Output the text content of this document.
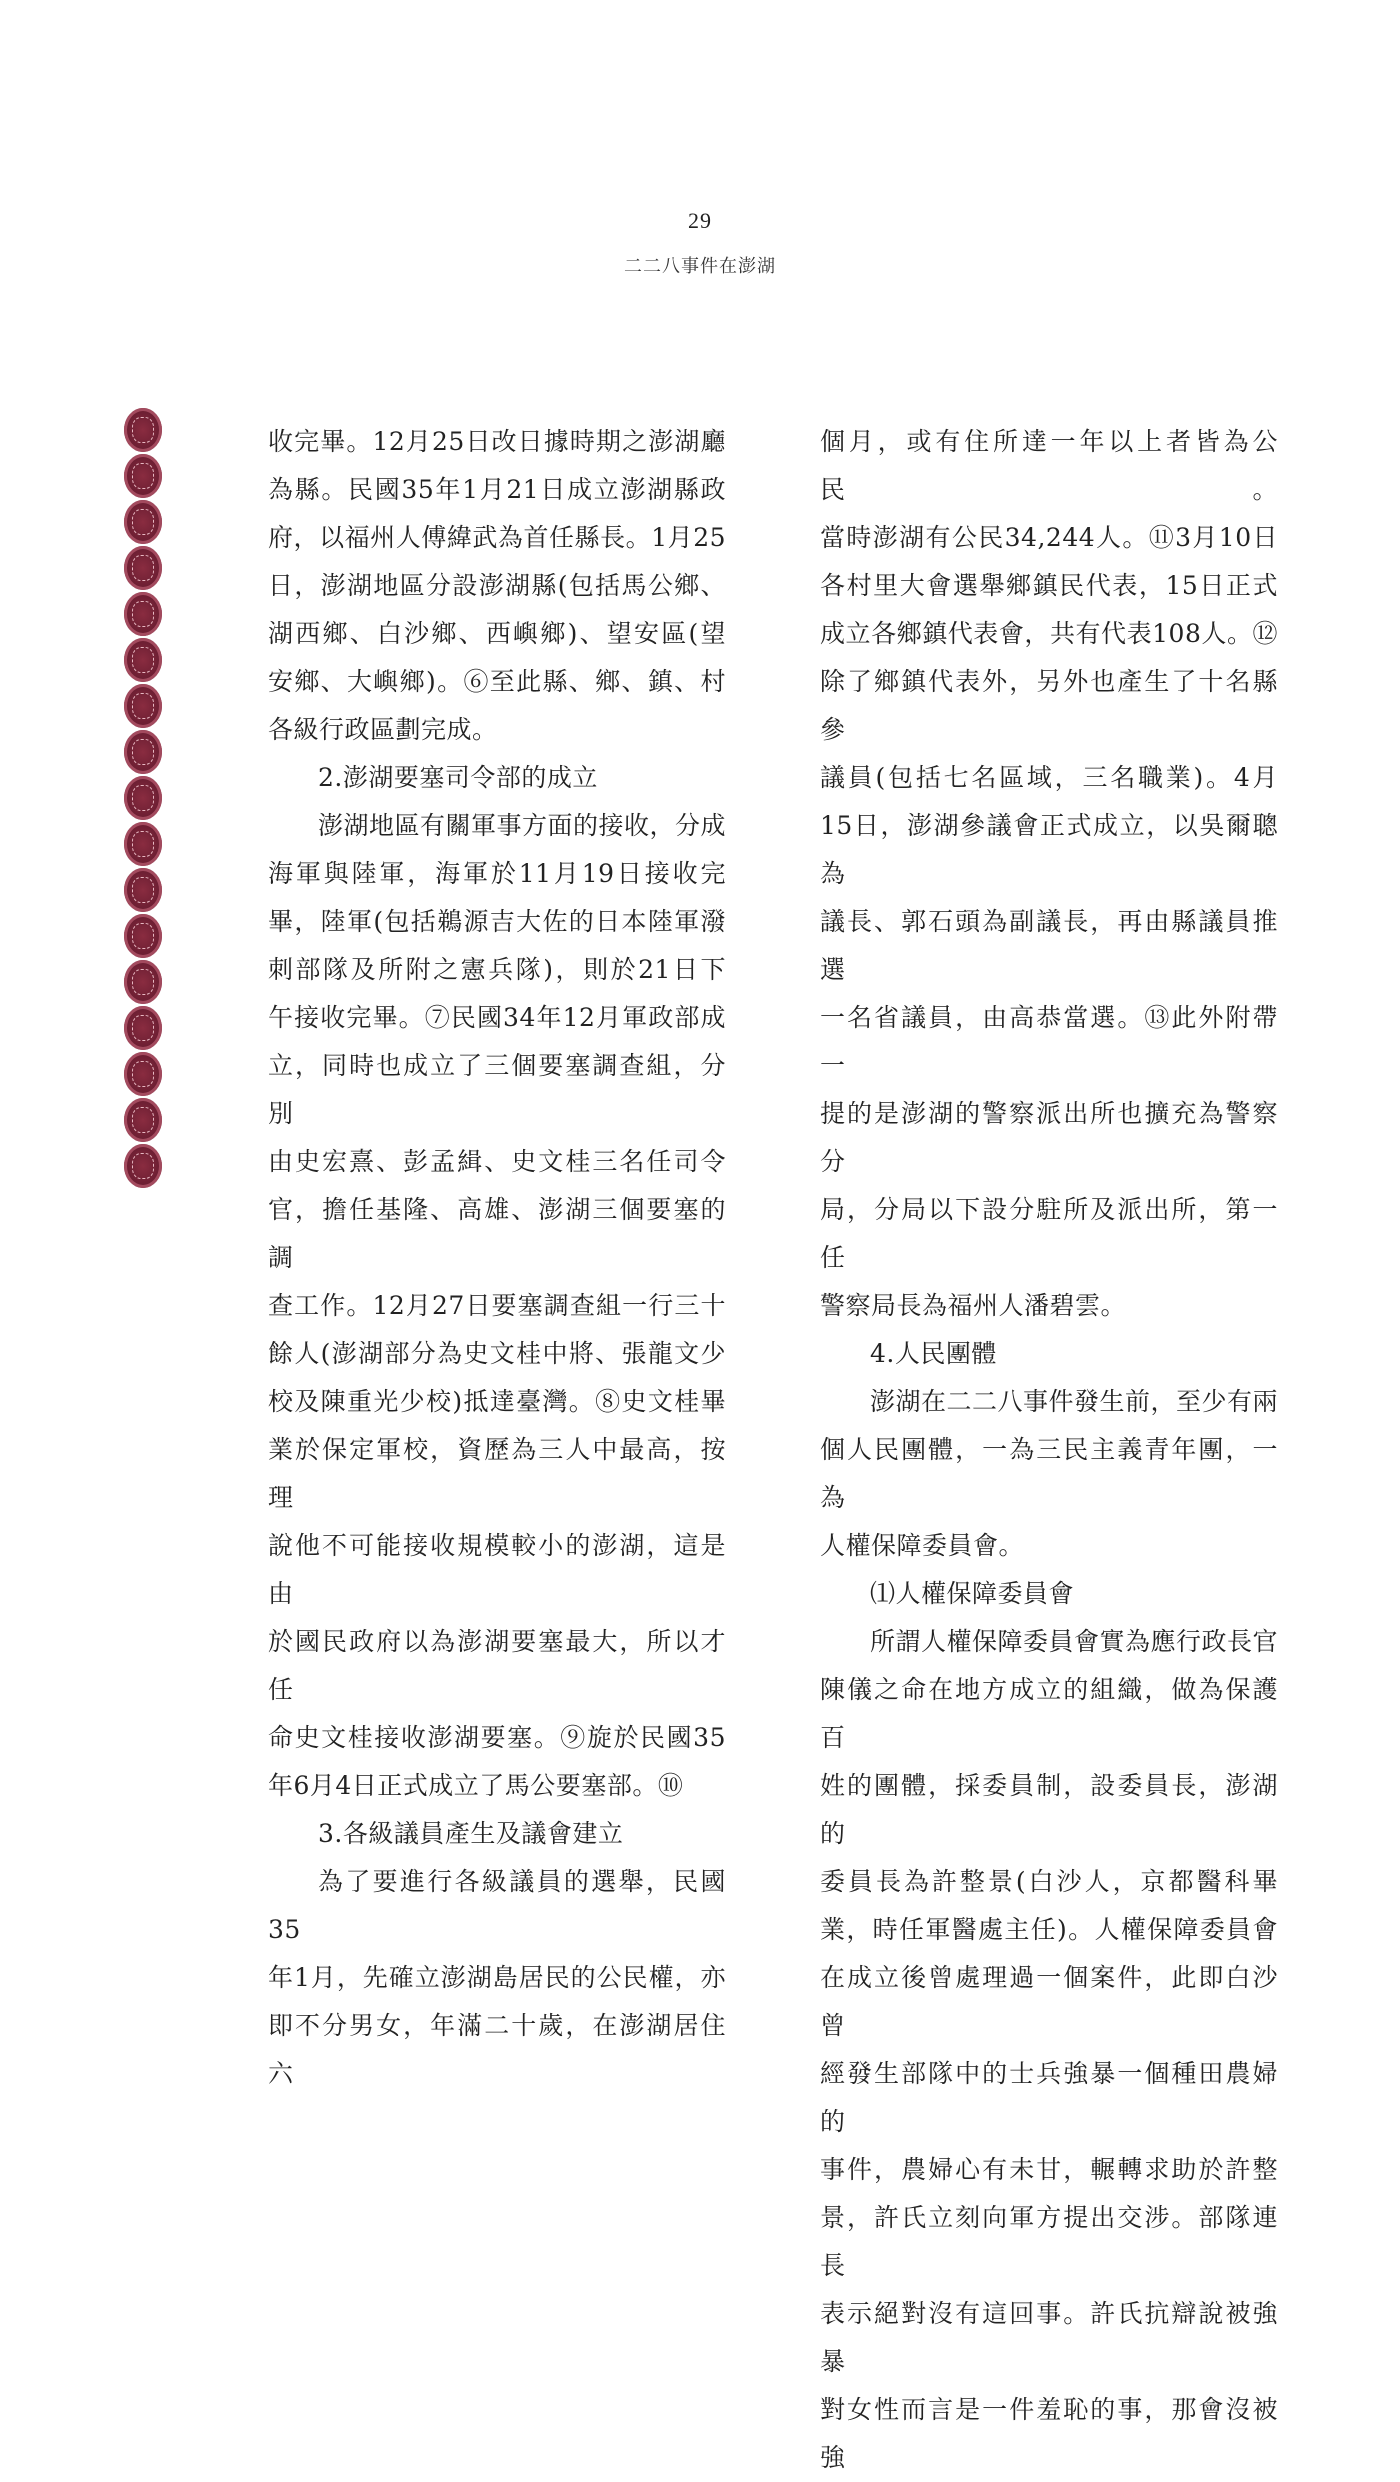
29
二二八事件在澎湖

收完畢。12月25日改日據時期之澎湖廳

為縣。民國35年1月21日成立澎湖縣政

府，以福州人傅緯武為首任縣長。1月25

日，澎湖地區分設澎湖縣(包括馬公鄉、

湖西鄉、白沙鄉、西嶼鄉)、望安區(望

安鄉、大嶼鄉)。⑥至此縣、鄉、鎮、村

各級行政區劃完成。

2.澎湖要塞司令部的成立

澎湖地區有關軍事方面的接收，分成

海軍與陸軍，海軍於11月19日接收完

畢，陸軍(包括鵜源吉大佐的日本陸軍潑

刺部隊及所附之憲兵隊)，則於21日下

午接收完畢。⑦民國34年12月軍政部成

立，同時也成立了三個要塞調查組，分別

由史宏熹、彭孟緝、史文桂三名任司令

官，擔任基隆、高雄、澎湖三個要塞的調

查工作。12月27日要塞調查組一行三十

餘人(澎湖部分為史文桂中將、張龍文少

校及陳重光少校)抵達臺灣。⑧史文桂畢

業於保定軍校，資歷為三人中最高，按理

說他不可能接收規模較小的澎湖，這是由

於國民政府以為澎湖要塞最大，所以才任

命史文桂接收澎湖要塞。⑨旋於民國35

年6月4日正式成立了馬公要塞部。⑩

3.各級議員產生及議會建立

為了要進行各級議員的選舉，民國35

年1月，先確立澎湖島居民的公民權，亦

即不分男女，年滿二十歲，在澎湖居住六

個月，或有住所達一年以上者皆為公民。

當時澎湖有公民34,244人。⑪3月10日

各村里大會選舉鄉鎮民代表，15日正式

成立各鄉鎮代表會，共有代表108人。⑫

除了鄉鎮代表外，另外也產生了十名縣參

議員(包括七名區域，三名職業)。4月

15日，澎湖參議會正式成立，以吳爾聰為

議長、郭石頭為副議長，再由縣議員推選

一名省議員，由高恭當選。⑬此外附帶一

提的是澎湖的警察派出所也擴充為警察分

局，分局以下設分駐所及派出所，第一任

警察局長為福州人潘碧雲。

4.人民團體

澎湖在二二八事件發生前，至少有兩

個人民團體，一為三民主義青年團，一為

人權保障委員會。

⑴人權保障委員會

所謂人權保障委員會實為應行政長官

陳儀之命在地方成立的組織，做為保護百

姓的團體，採委員制，設委員長，澎湖的

委員長為許整景(白沙人，京都醫科畢

業，時任軍醫處主任)。人權保障委員會

在成立後曾處理過一個案件，此即白沙曾

經發生部隊中的士兵強暴一個種田農婦的

事件，農婦心有未甘，輾轉求助於許整

景，許氏立刻向軍方提出交涉。部隊連長

表示絕對沒有這回事。許氏抗辯說被強暴

對女性而言是一件羞恥的事，那會沒被強
